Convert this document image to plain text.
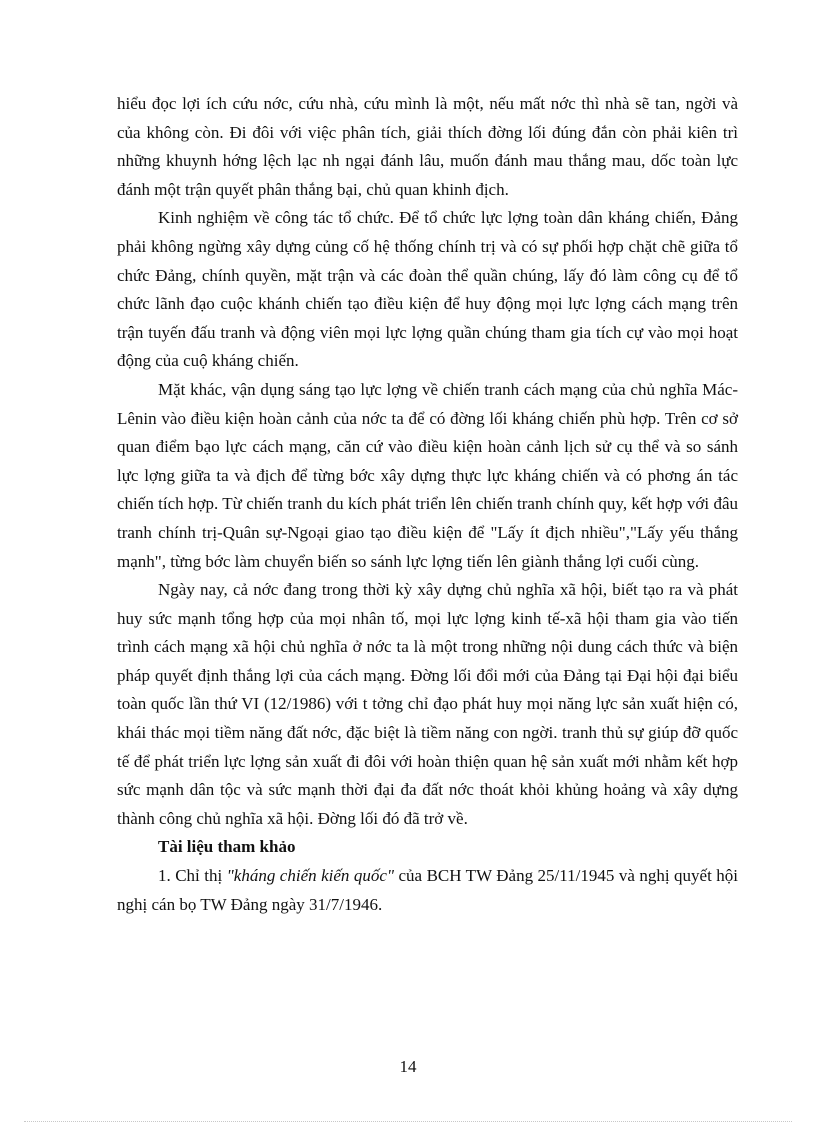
hiểu đọc lợi ích cứu nớc, cứu nhà, cứu mình là một, nếu mất nớc thì nhà sẽ tan, ngời và của không còn. Đi đôi với việc phân tích, giải thích đờng lối đúng đắn còn phải kiên trì những khuynh hớng lệch lạc nh ngại đánh lâu, muốn đánh mau thắng mau, dốc toàn lực đánh một trận quyết phân thắng bại, chủ quan khinh địch.

Kinh nghiệm về công tác tổ chức. Để tổ chức lực lợng toàn dân kháng chiến, Đảng phải không ngừng xây dựng củng cố hệ thống chính trị và có sự phối hợp chặt chẽ giữa tổ chức Đảng, chính quyền, mặt trận và các đoàn thể quần chúng, lấy đó làm công cụ để tổ chức lãnh đạo cuộc khánh chiến tạo điều kiện để huy động mọi lực lợng cách mạng trên trận tuyến đấu tranh và động viên mọi lực lợng quần chúng tham gia tích cự vào mọi hoạt động của cuộ kháng chiến.

Mặt khác, vận dụng sáng tạo lực lợng về chiến tranh cách mạng của chủ nghĩa Mác-Lênin vào điều kiện hoàn cảnh của nớc ta để có đờng lối kháng chiến phù hợp. Trên cơ sở quan điểm bạo lực cách mạng, căn cứ vào điều kiện hoàn cảnh lịch sử cụ thể và so sánh lực lợng giữa ta và địch để từng bớc xây dựng thực lực kháng chiến và có phơng án tác chiến tích hợp. Từ chiến tranh du kích phát triển lên chiến tranh chính quy, kết hợp với đâu tranh chính trị-Quân sự-Ngoại giao tạo điều kiện để "Lấy ít địch nhiều","Lấy yếu thắng mạnh", từng bớc làm chuyển biến so sánh lực lợng tiến lên giành thắng lợi cuối cùng.

Ngày nay, cả nớc đang trong thời kỳ xây dựng chủ nghĩa xã hội, biết tạo ra và phát huy sức mạnh tổng hợp của mọi nhân tố, mọi lực lợng kinh tế-xã hội tham gia vào tiến trình cách mạng xã hội chủ nghĩa ở nớc ta là một trong những nội dung cách thức và biện pháp quyết định thắng lợi của cách mạng. Đờng lối đổi mới của Đảng tại Đại hội đại biểu toàn quốc lần thứ VI (12/1986) với t tởng chỉ đạo phát huy mọi năng lực sản xuất hiện có, khái thác mọi tiềm năng đất nớc, đặc biệt là tiềm năng con ngời. tranh thủ sự giúp đỡ quốc tế để phát triển lực lợng sản xuất đi đôi với hoàn thiện quan hệ sản xuất mới nhằm kết hợp sức mạnh dân tộc và sức mạnh thời đại đa đất nớc thoát khỏi khủng hoảng và xây dựng thành công chủ nghĩa xã hội. Đờng lối đó đã trở về.

Tài liệu tham khảo

1. Chỉ thị "kháng chiến kiến quốc" của BCH TW Đảng 25/11/1945 và nghị quyết hội nghị cán bọ TW Đảng ngày 31/7/1946.

14
